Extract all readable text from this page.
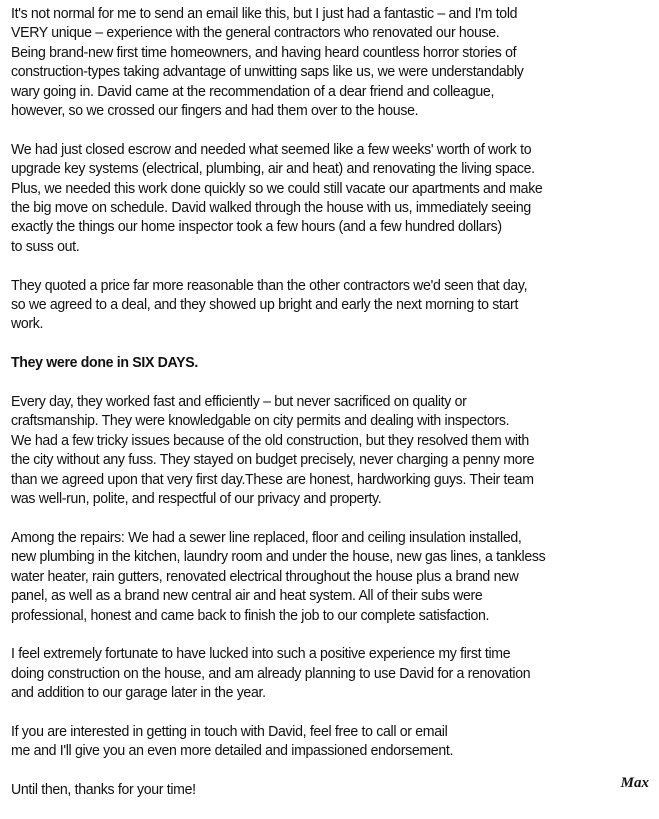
It's not normal for me to send an email like this, but I just had a fantastic – and I'm told
VERY unique – experience with the general contractors who renovated our house.
Being brand-new first time homeowners, and having heard countless horror stories of
construction-types taking advantage of unwitting saps like us, we were understandably
wary going in. David came at the recommendation of a dear friend and colleague,
however, so we crossed our fingers and had them over to the house.

We had just closed escrow and needed what seemed like a few weeks' worth of work to
upgrade key systems (electrical, plumbing, air and heat) and renovating the living space.
Plus, we needed this work done quickly so we could still vacate our apartments and make
the big move on schedule. David walked through the house with us, immediately seeing
exactly the things our home inspector took a few hours (and a few hundred dollars)
to suss out.

They quoted a price far more reasonable than the other contractors we'd seen that day,
so we agreed to a deal, and they showed up bright and early the next morning to start
work.

They were done in SIX DAYS.

Every day, they worked fast and efficiently – but never sacrificed on quality or
craftsmanship. They were knowledgable on city permits and dealing with inspectors.
We had a few tricky issues because of the old construction, but they resolved them with
the city without any fuss. They stayed on budget precisely, never charging a penny more
than we agreed upon that very first day.These are honest, hardworking guys. Their team
was well-run, polite, and respectful of our privacy and property.

Among the repairs: We had a sewer line replaced, floor and ceiling insulation installed,
new plumbing in the kitchen, laundry room and under the house, new gas lines, a tankless
water heater, rain gutters, renovated electrical throughout the house plus a brand new
panel, as well as a brand new central air and heat system. All of their subs were
professional, honest and came back to finish the job to our complete satisfaction.

I feel extremely fortunate to have lucked into such a positive experience my first time
doing construction on the house, and am already planning to use David for a renovation
and addition to our garage later in the year.

If you are interested in getting in touch with David, feel free to call or email
me and I'll give you an even more detailed and impassioned endorsement.

Until then, thanks for your time!	Max
